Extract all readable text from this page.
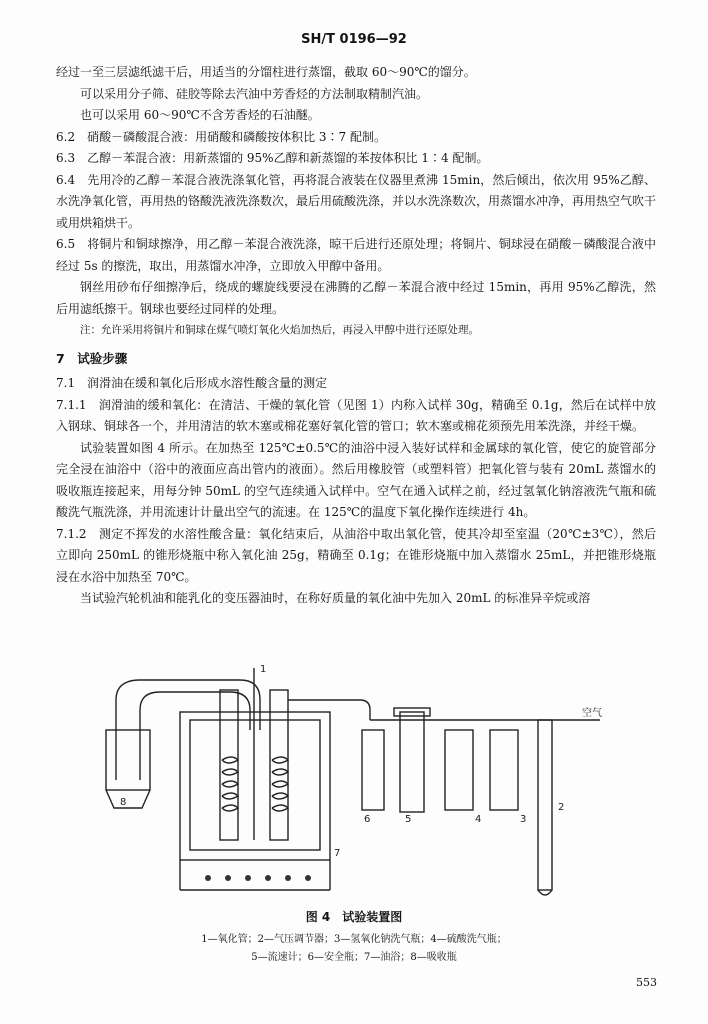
SH/T 0196—92

经过一至三层滤纸滤干后，用适当的分馏柱进行蒸馏，截取 60～90℃的馏分。

可以采用分子筛、硅胶等除去汽油中芳香烃的方法制取精制汽油。

也可以采用 60～90℃不含芳香烃的石油醚。

6.2　硝酸－磷酸混合液：用硝酸和磷酸按体积比 3∶7 配制。

6.3　乙醇－苯混合液：用新蒸馏的 95%乙醇和新蒸馏的苯按体积比 1∶4 配制。

6.4　先用冷的乙醇－苯混合液洗涤氧化管，再将混合液装在仪器里煮沸 15min，然后倾出，依次用 95%乙醇、水洗净氧化管，再用热的铬酸洗液洗涤数次，最后用硫酸洗涤，并以水洗涤数次，用蒸馏水冲净，再用热空气吹干或用烘箱烘干。

6.5　将铜片和铜球擦净，用乙醇－苯混合液洗涤，晾干后进行还原处理；将铜片、铜球浸在硝酸－磷酸混合液中经过 5s 的擦洗，取出，用蒸馏水冲净，立即放入甲醇中备用。

钢丝用砂布仔细擦净后，绕成的螺旋线要浸在沸腾的乙醇－苯混合液中经过 15min，再用 95%乙醇洗，然后用滤纸擦干。钢球也要经过同样的处理。

注：允许采用将铜片和铜球在煤气喷灯氧化火焰加热后，再浸入甲醇中进行还原处理。

7　试验步骤

7.1　润滑油在缓和氧化后形成水溶性酸含量的测定

7.1.1　润滑油的缓和氧化：在清洁、干燥的氧化管（见图 1）内称入试样 30g，精确至 0.1g，然后在试样中放入钢球、铜球各一个，并用清洁的软木塞或棉花塞好氧化管的管口；软木塞或棉花须预先用苯洗涤，并经干燥。

试验装置如图 4 所示。在加热至 125℃±0.5℃的油浴中浸入装好试样和金属球的氧化管，使它的旋管部分完全浸在油浴中（浴中的液面应高出管内的液面）。然后用橡胶管（或塑料管）把氧化管与装有 20mL 蒸馏水的吸收瓶连接起来，用每分钟 50mL 的空气连续通入试样中。空气在通入试样之前，经过氢氧化钠溶液洗气瓶和硫酸洗气瓶洗涤，并用流速计计量出空气的流速。在 125℃的温度下氧化操作连续进行 4h。

7.1.2　测定不挥发的水溶性酸含量：氧化结束后，从油浴中取出氧化管，使其冷却至室温（20℃±3℃），然后立即向 250mL 的锥形烧瓶中称入氧化油 25g，精确至 0.1g；在锥形烧瓶中加入蒸馏水 25mL，并把锥形烧瓶浸在水浴中加热至 70℃。

当试验汽轮机油和能乳化的变压器油时，在称好质量的氧化油中先加入 20mL 的标准异辛烷或溶

空气
1
2
3
4
5
6
7
8
图 4　试验装置图
1—氧化管；2—气压调节器；3—氢氧化钠洗气瓶；4—硫酸洗气瓶；
5—流速计；6—安全瓶；7—油浴；8—吸收瓶
553
